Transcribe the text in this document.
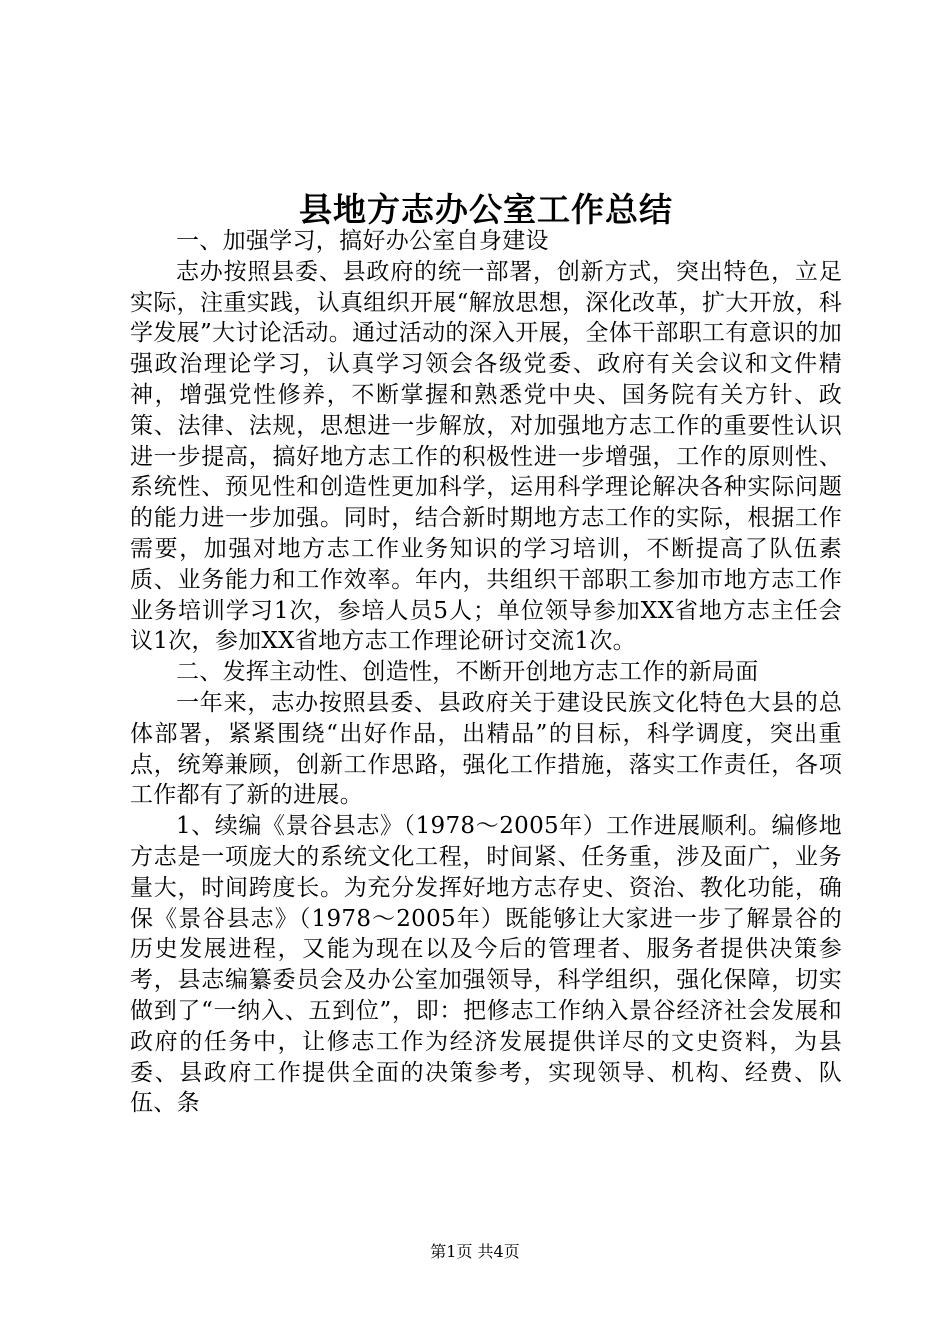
县地方志办公室工作总结

一、加强学习，搞好办公室自身建设

志办按照县委、县政府的统一部署，创新方式，突出特色，立足实际，注重实践，认真组织开展“解放思想，深化改革，扩大开放，科学发展”大讨论活动。通过活动的深入开展，全体干部职工有意识的加强政治理论学习，认真学习领会各级党委、政府有关会议和文件精神，增强党性修养，不断掌握和熟悉党中央、国务院有关方针、政策、法律、法规，思想进一步解放，对加强地方志工作的重要性认识进一步提高，搞好地方志工作的积极性进一步增强，工作的原则性、系统性、预见性和创造性更加科学，运用科学理论解决各种实际问题的能力进一步加强。同时，结合新时期地方志工作的实际，根据工作需要，加强对地方志工作业务知识的学习培训，不断提高了队伍素质、业务能力和工作效率。年内，共组织干部职工参加市地方志工作业务培训学习1次，参培人员5人；单位领导参加XX省地方志主任会议1次，参加XX省地方志工作理论研讨交流1次。

二、发挥主动性、创造性，不断开创地方志工作的新局面

一年来，志办按照县委、县政府关于建设民族文化特色大县的总体部署，紧紧围绕“出好作品，出精品”的目标，科学调度，突出重点，统筹兼顾，创新工作思路，强化工作措施，落实工作责任，各项工作都有了新的进展。

1、续编《景谷县志》（1978～2005年）工作进展顺利。编修地方志是一项庞大的系统文化工程，时间紧、任务重，涉及面广，业务量大，时间跨度长。为充分发挥好地方志存史、资治、教化功能，确保《景谷县志》（1978～2005年）既能够让大家进一步了解景谷的历史发展进程，又能为现在以及今后的管理者、服务者提供决策参考，县志编纂委员会及办公室加强领导，科学组织，强化保障，切实做到了“一纳入、五到位”，即：把修志工作纳入景谷经济社会发展和政府的任务中，让修志工作为经济发展提供详尽的文史资料，为县委、县政府工作提供全面的决策参考，实现领导、机构、经费、队伍、条

第1页 共4页
